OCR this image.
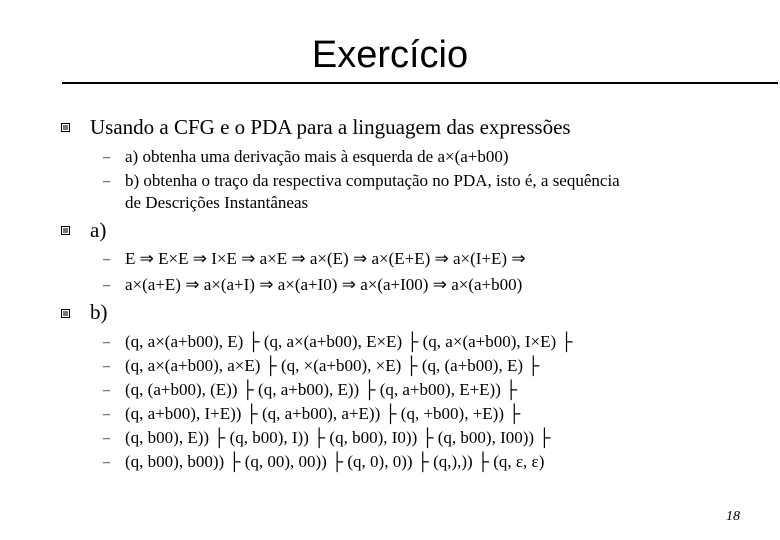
Exercício
Usando a CFG e o PDA para a linguagem das expressões
– a) obtenha uma derivação mais à esquerda de a×(a+b00)
– b) obtenha o traço da respectiva computação no PDA, isto é, a sequência
de Descrições Instantâneas
a)
– E ⇒ E×E ⇒ I×E ⇒ a×E ⇒ a×(E) ⇒ a×(E+E) ⇒ a×(I+E) ⇒
– a×(a+E) ⇒ a×(a+I) ⇒ a×(a+I0) ⇒ a×(a+I00) ⇒ a×(a+b00)
b)
– (q, a×(a+b00), E) ├ (q, a×(a+b00), E×E) ├ (q, a×(a+b00), I×E) ├
– (q, a×(a+b00), a×E) ├ (q, ×(a+b00), ×E) ├ (q, (a+b00), E) ├
– (q, (a+b00), (E)) ├ (q, a+b00), E)) ├ (q, a+b00), E+E)) ├
– (q, a+b00), I+E)) ├ (q, a+b00), a+E)) ├ (q, +b00), +E)) ├
– (q, b00), E)) ├ (q, b00), I)) ├ (q, b00), I0)) ├ (q, b00), I00)) ├
– (q, b00), b00)) ├ (q, 00), 00)) ├ (q, 0), 0)) ├ (q,),)) ├ (q, ε, ε)
18
